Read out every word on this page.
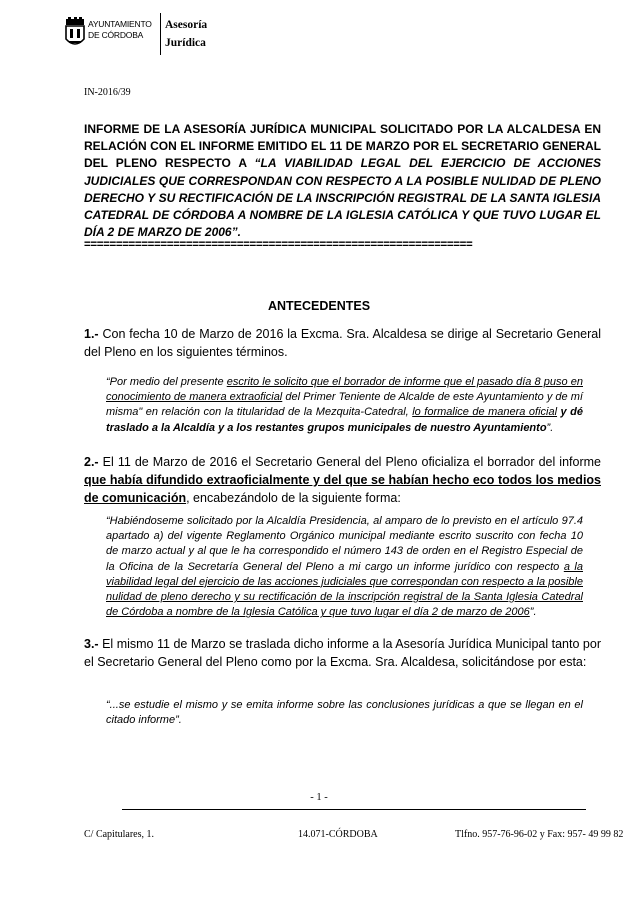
AYUNTAMIENTO
DE CÓRDOBA
Asesoría
Jurídica
IN-2016/39

INFORME DE LA ASESORÍA JURÍDICA MUNICIPAL SOLICITADO POR LA ALCALDESA EN RELACIÓN CON EL INFORME EMITIDO EL 11 DE MARZO POR EL SECRETARIO GENERAL DEL PLENO RESPECTO A “LA VIABILIDAD LEGAL DEL EJERCICIO DE ACCIONES JUDICIALES QUE CORRESPONDAN CON RESPECTO A LA POSIBLE NULIDAD DE PLENO DERECHO Y SU RECTIFICACIÓN DE LA INSCRIPCIÓN REGISTRAL DE LA SANTA IGLESIA CATEDRAL DE CÓRDOBA A NOMBRE DE LA IGLESIA CATÓLICA Y QUE TUVO LUGAR EL DÍA 2 DE MARZO DE 2006”.

=============================================================
ANTECEDENTES

1.- Con fecha 10 de Marzo de 2016 la Excma. Sra. Alcaldesa se dirige al Secretario General del Pleno en los siguientes términos.

“Por medio del presente escrito le solicito que el borrador de informe que el pasado día 8 puso en conocimiento de manera extraoficial del Primer Teniente de Alcalde de este Ayuntamiento y de mí misma" en relación con la titularidad de la Mezquita-Catedral, lo formalice de manera oficial y dé traslado a la Alcaldía y a los restantes grupos municipales de nuestro Ayuntamiento”.

2.- El 11 de Marzo de 2016 el Secretario General del Pleno oficializa el borrador del informe que había difundido extraoficialmente y del que se habían hecho eco todos los medios de comunicación, encabezándolo de la siguiente forma:

“Habiéndoseme solicitado por la Alcaldía Presidencia, al amparo de lo previsto en el artículo 97.4 apartado a) del vigente Reglamento Orgánico municipal mediante escrito suscrito con fecha 10 de marzo actual y al que le ha correspondido el número 143 de orden en el Registro Especial de la Oficina de la Secretaría General del Pleno a mi cargo un informe jurídico con respecto a la viabilidad legal del ejercicio de las acciones judiciales que correspondan con respecto a la posible nulidad de pleno derecho y su rectificación de la inscripción registral de la Santa Iglesia Catedral de Córdoba a nombre de la Iglesia Católica y que tuvo lugar el día 2 de marzo de 2006”.

3.- El mismo 11 de Marzo se traslada dicho informe a la Asesoría Jurídica Municipal tanto por el Secretario General del Pleno como por la Excma. Sra. Alcaldesa, solicitándose por esta:

“...se estudie el mismo y se emita informe sobre las conclusiones jurídicas a que se llegan en el citado informe”.

- 1 -
C/ Capitulares, 1.	14.071-CÓRDOBA	Tlfno. 957-76-96-02 y Fax: 957- 49 99 82
